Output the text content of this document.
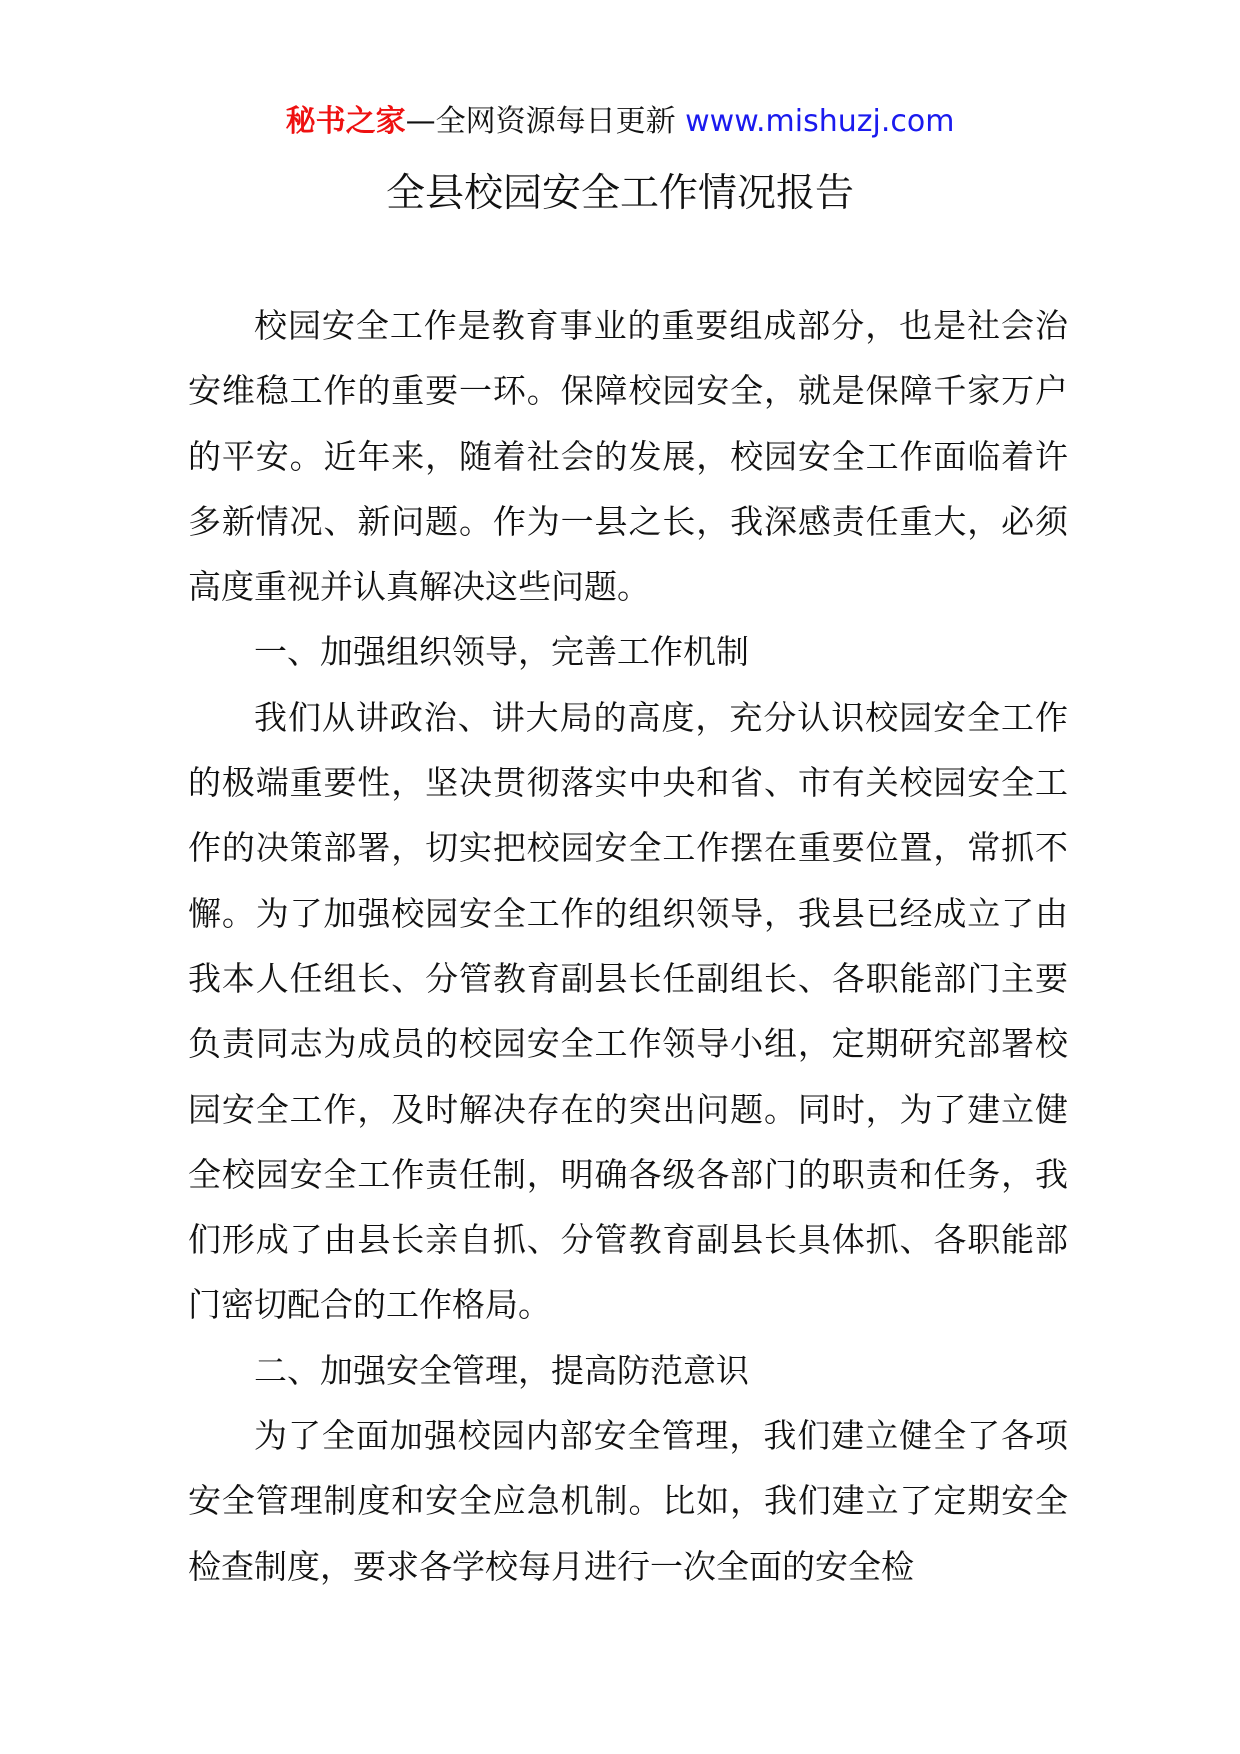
秘书之家—全网资源每日更新 www.mishuzj.com
全县校园安全工作情况报告

校园安全工作是教育事业的重要组成部分，也是社会治安维稳工作的重要一环。保障校园安全，就是保障千家万户的平安。近年来，随着社会的发展，校园安全工作面临着许多新情况、新问题。作为一县之长，我深感责任重大，必须高度重视并认真解决这些问题。

一、加强组织领导，完善工作机制

我们从讲政治、讲大局的高度，充分认识校园安全工作的极端重要性，坚决贯彻落实中央和省、市有关校园安全工作的决策部署，切实把校园安全工作摆在重要位置，常抓不懈。为了加强校园安全工作的组织领导，我县已经成立了由我本人任组长、分管教育副县长任副组长、各职能部门主要负责同志为成员的校园安全工作领导小组，定期研究部署校园安全工作，及时解决存在的突出问题。同时，为了建立健全校园安全工作责任制，明确各级各部门的职责和任务，我们形成了由县长亲自抓、分管教育副县长具体抓、各职能部门密切配合的工作格局。

二、加强安全管理，提高防范意识

为了全面加强校园内部安全管理，我们建立健全了各项安全管理制度和安全应急机制。比如，我们建立了定期安全检查制度，要求各学校每月进行一次全面的安全检
